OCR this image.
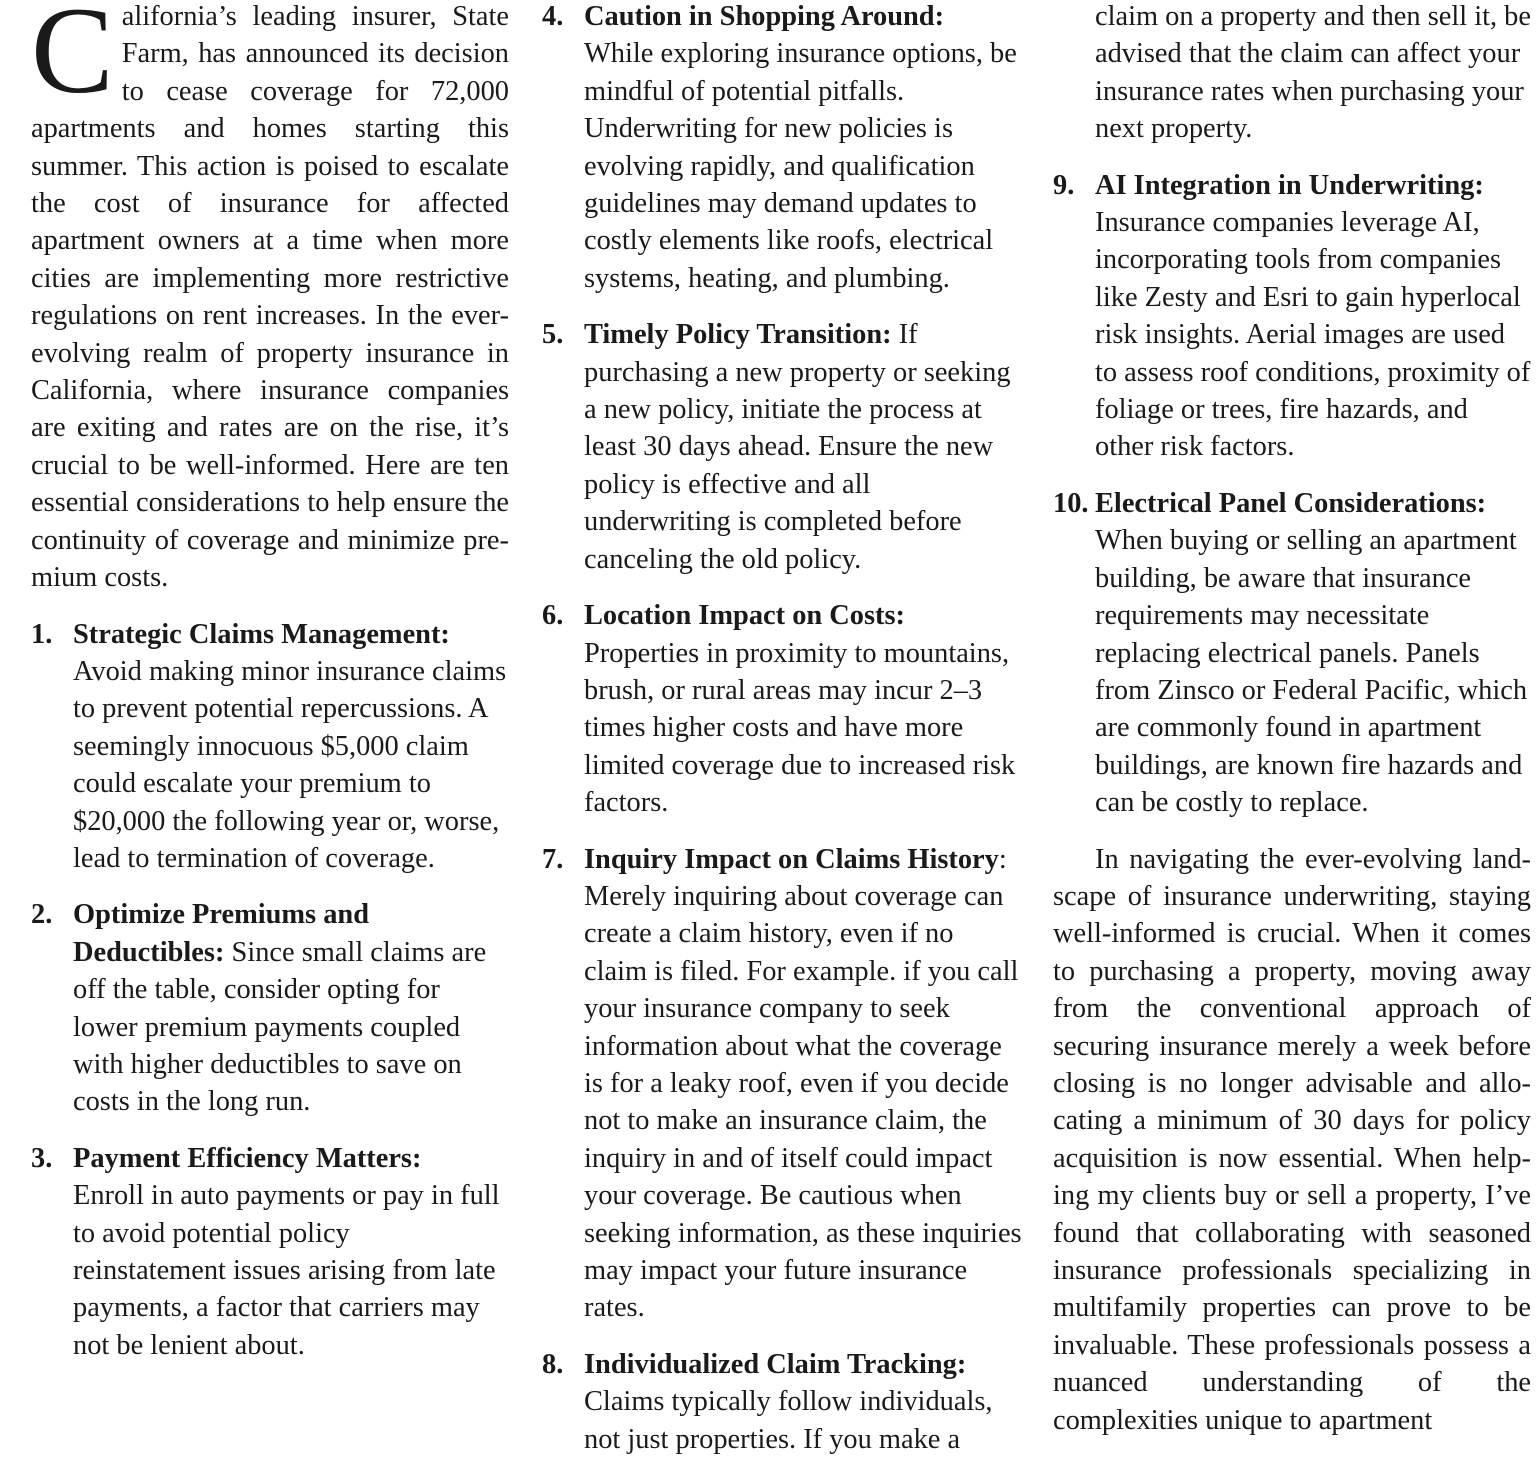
California’s leading insurer, State Farm, has announced its decision to cease coverage for 72,000 apartments and homes starting this summer. This action is poised to escalate the cost of insurance for affected apartment owners at a time when more cities are implementing more restrictive regulations on rent increases. In the ever-evolving realm of property insurance in California, where insurance companies are exiting and rates are on the rise, it’s crucial to be well-informed. Here are ten essential considerations to help ensure the continuity of coverage and minimize premium costs.

1. Strategic Claims Management:
Avoid making minor insurance claims to prevent potential repercussions. A seemingly innocuous $5,000 claim could escalate your premium to $20,000 the following year or, worse, lead to termination of coverage.
2. Optimize Premiums and Deductibles: Since small claims are off the table, consider opting for lower premium payments coupled with higher deductibles to save on costs in the long run.
3. Payment Efficiency Matters:
Enroll in auto payments or pay in full to avoid potential policy reinstatement issues arising from late payments, a factor that carriers may not be lenient about.
4. Caution in Shopping Around:
While exploring insurance options, be mindful of potential pitfalls. Underwriting for new policies is evolving rapidly, and qualification guidelines may demand updates to costly elements like roofs, electrical systems, heating, and plumbing.
5. Timely Policy Transition: If purchasing a new property or seeking a new policy, initiate the process at least 30 days ahead. Ensure the new policy is effective and all underwriting is completed before canceling the old policy.
6. Location Impact on Costs:
Properties in proximity to mountains, brush, or rural areas may incur 2–3 times higher costs and have more limited coverage due to increased risk factors.
7. Inquiry Impact on Claims History:
Merely inquiring about coverage can create a claim history, even if no claim is filed. For example. if you call your insurance company to seek information about what the coverage is for a leaky roof, even if you decide not to make an insurance claim, the inquiry in and of itself could impact your coverage. Be cautious when seeking information, as these inquiries may impact your future insurance rates.
8. Individualized Claim Tracking:
Claims typically follow individuals, not just properties. If you make a

claim on a property and then sell it, be advised that the claim can affect your insurance rates when purchasing your next property.

9. AI Integration in Underwriting:
Insurance companies leverage AI, incorporating tools from companies like Zesty and Esri to gain hyperlocal risk insights. Aerial images are used to assess roof conditions, proximity of foliage or trees, fire hazards, and other risk factors.
10. Electrical Panel Considerations:
When buying or selling an apartment building, be aware that insurance requirements may necessitate replacing electrical panels. Panels from Zinsco or Federal Pacific, which are commonly found in apartment buildings, are known fire hazards and can be costly to replace.

In navigating the ever-evolving landscape of insurance underwriting, staying well-informed is crucial. When it comes to purchasing a property, moving away from the conventional approach of securing insurance merely a week before closing is no longer advisable and allocating a minimum of 30 days for policy acquisition is now essential. When helping my clients buy or sell a property, I’ve found that collaborating with seasoned insurance professionals specializing in multifamily properties can prove to be invaluable. These professionals possess a nuanced understanding of the complexities unique to apartment
